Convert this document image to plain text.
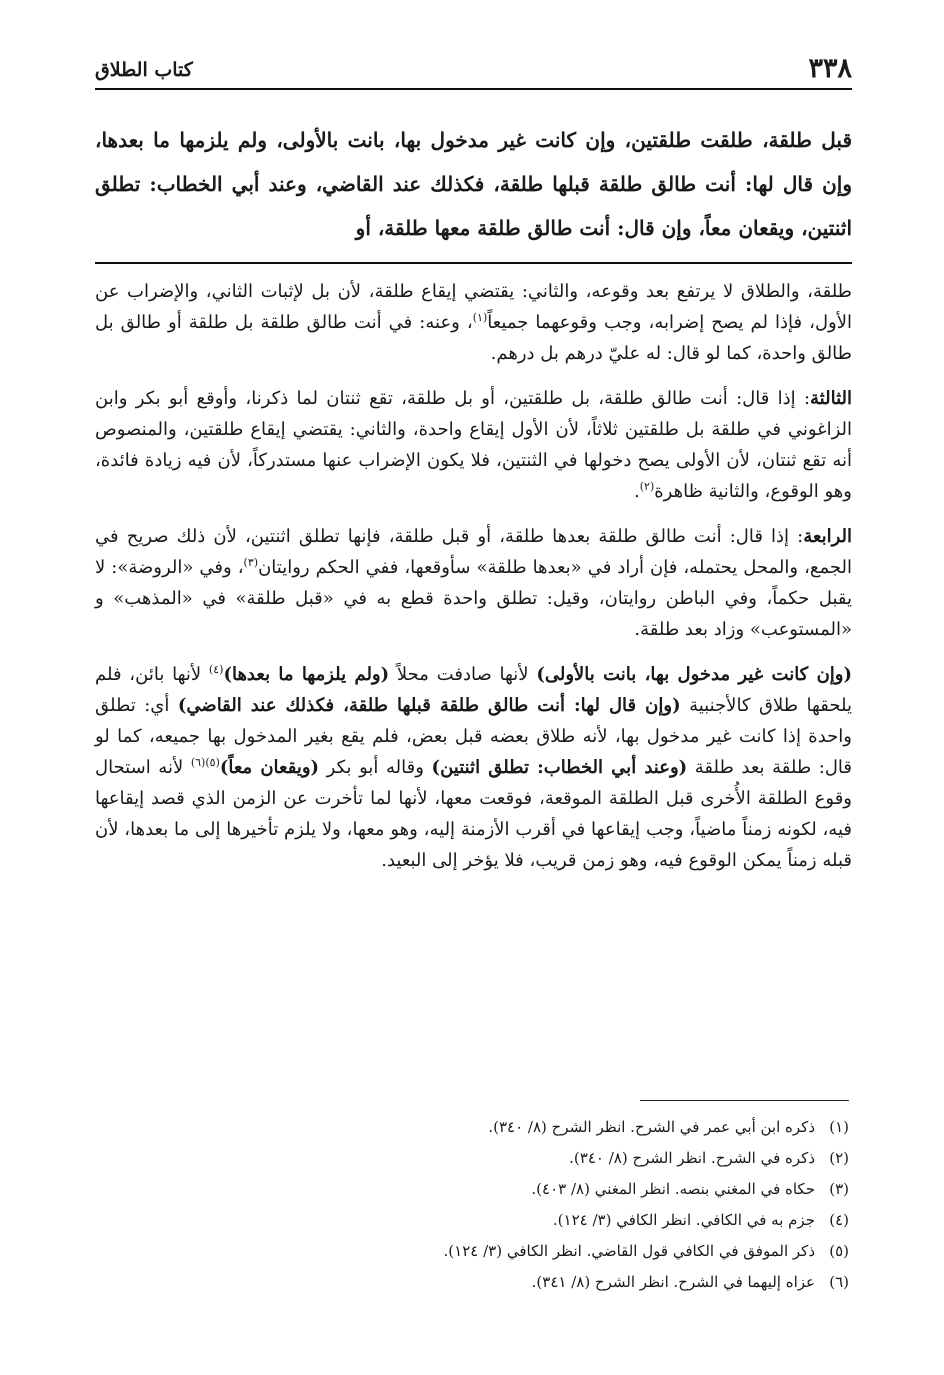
٣٣٨
كتاب الطلاق
قبل طلقة، طلقت طلقتين، وإن كانت غير مدخول بها، بانت بالأولى، ولم يلزمها ما بعدها، وإن قال لها: أنت طالق طلقة قبلها طلقة، فكذلك عند القاضي، وعند أبي الخطاب: تطلق اثنتين، ويقعان معاً، وإن قال: أنت طالق طلقة معها طلقة، أو

طلقة، والطلاق لا يرتفع بعد وقوعه، والثاني: يقتضي إيقاع طلقة، لأن بل لإثبات الثاني، والإضراب عن الأول، فإذا لم يصح إضرابه، وجب وقوعهما جميعاً$^{(١)}$، وعنه: في أنت طالق طلقة بل طلقة أو طالق بل طالق واحدة، كما لو قال: له عليّ درهم بل درهم.

الثالثة: إذا قال: أنت طالق طلقة، بل طلقتين، أو بل طلقة، تقع ثنتان لما ذكرنا، وأوقع أبو بكر وابن الزاغوني في طلقة بل طلقتين ثلاثاً، لأن الأول إيقاع واحدة، والثاني: يقتضي إيقاع طلقتين، والمنصوص أنه تقع ثنتان، لأن الأولى يصح دخولها في الثنتين، فلا يكون الإضراب عنها مستدركاً، لأن فيه زيادة فائدة، وهو الوقوع، والثانية ظاهرة$^{(٢)}$.

الرابعة: إذا قال: أنت طالق طلقة بعدها طلقة، أو قبل طلقة، فإنها تطلق اثنتين، لأن ذلك صريح في الجمع، والمحل يحتمله، فإن أراد في «بعدها طلقة» سأوقعها، ففي الحكم روايتان$^{(٣)}$، وفي «الروضة»: لا يقبل حكماً، وفي الباطن روايتان، وقيل: تطلق واحدة قطع به في «قبل طلقة» في «المذهب» و «المستوعب» وزاد بعد طلقة.

(وإن كانت غير مدخول بها، بانت بالأولى) لأنها صادفت محلاً (ولم يلزمها ما بعدها)$^{(٤)}$ لأنها بائن، فلم يلحقها طلاق كالأجنبية (وإن قال لها: أنت طالق طلقة قبلها طلقة، فكذلك عند القاضي) أي: تطلق واحدة إذا كانت غير مدخول بها، لأنه طلاق بعضه قبل بعض، فلم يقع بغير المدخول بها جميعه، كما لو قال: طلقة بعد طلقة (وعند أبي الخطاب: تطلق اثنتين) وقاله أبو بكر (ويقعان معاً)$^{(٥)(٦)}$ لأنه استحال وقوع الطلقة الأُخرى قبل الطلقة الموقعة، فوقعت معها، لأنها لما تأخرت عن الزمن الذي قصد إيقاعها فيه، لكونه زمناً ماضياً، وجب إيقاعها في أقرب الأزمنة إليه، وهو معها، ولا يلزم تأخيرها إلى ما بعدها، لأن قبله زمناً يمكن الوقوع فيه، وهو زمن قريب، فلا يؤخر إلى البعيد.

(١)ذكره ابن أبي عمر في الشرح. انظر الشرح (٨/ ٣٤٠).
(٢)ذكره في الشرح. انظر الشرح (٨/ ٣٤٠).
(٣)حكاه في المغني بنصه. انظر المغني (٨/ ٤٠٣).
(٤)جزم به في الكافي. انظر الكافي (٣/ ١٢٤).
(٥)ذكر الموفق في الكافي قول القاضي. انظر الكافي (٣/ ١٢٤).
(٦)عزاه إليهما في الشرح. انظر الشرح (٨/ ٣٤١).
